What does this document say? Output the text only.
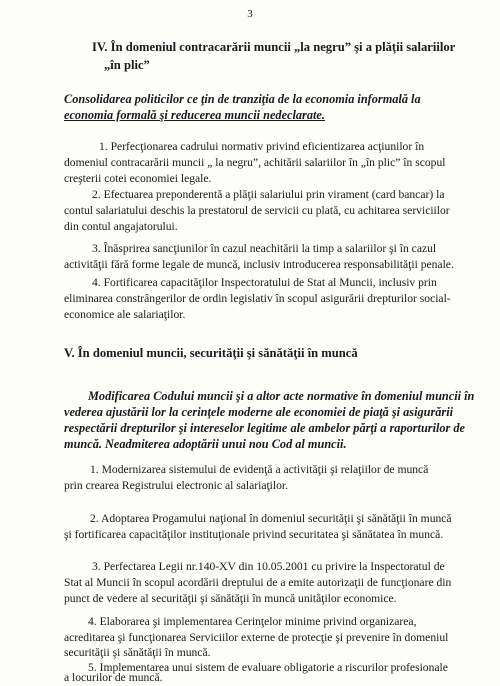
3
IV. În domeniul contracarării muncii „la negru” şi a plăţii salariilor
„în plic”
Consolidarea politicilor ce ţin de tranziţia de la economia informală la
economia formală şi reducerea muncii nedeclarate.
1. Perfecţionarea cadrului normativ privind eficientizarea acţiunilor în
domeniul contracarării muncii „ la negru”, achitării salariilor în „în plic” în scopul
creşterii cotei economiei legale.
2. Efectuarea preponderentă a plăţii salariului prin virament (card bancar) la
contul salariatului deschis la prestatorul de servicii cu plată, cu achitarea serviciilor
din contul angajatorului.
3. Înăsprirea sancţiunilor în cazul neachitării la timp a salariilor şi în cazul
activităţii fără forme legale de muncă, inclusiv introducerea responsabilităţii penale.
4. Fortificarea capacităţilor Inspectoratului de Stat al Muncii, inclusiv prin
eliminarea constrângerilor de ordin legislativ în scopul asigurării drepturilor social-
economice ale salariaţilor.
V. În domeniul muncii, securităţii şi sănătăţii în muncă
Modificarea Codului muncii şi a altor acte normative în domeniul muncii în
vederea ajustării lor la cerinţele moderne ale economiei de piaţă şi asigurării
respectării drepturilor şi intereselor legitime ale ambelor părţi a raporturilor de
muncă. Neadmiterea adoptării unui nou Cod al muncii.
1. Modernizarea sistemului de evidenţă a activităţii şi relaţiilor de muncă
prin crearea Registrului electronic al salariaţilor.
2. Adoptarea Progamului naţional în domeniul securităţii şi sănătăţii în muncă
şi fortificarea capacităţilor instituţionale privind securitatea şi sănătatea în muncă.
3. Perfectarea Legii nr.140-XV din 10.05.2001 cu privire la Inspectoratul de
Stat al Muncii în scopul acordării dreptului de a emite autorizaţii de funcţionare din
punct de vedere al securităţii şi sănătăţii în muncă unităţilor economice.
4. Elaborarea şi implementarea Cerinţelor minime privind organizarea,
acreditarea şi funcţionarea Serviciilor externe de protecţie şi prevenire în domeniul
securităţii şi sănătăţii în muncă.
5. Implementarea unui sistem de evaluare obligatorie a riscurilor profesionale
a locurilor de muncă.
